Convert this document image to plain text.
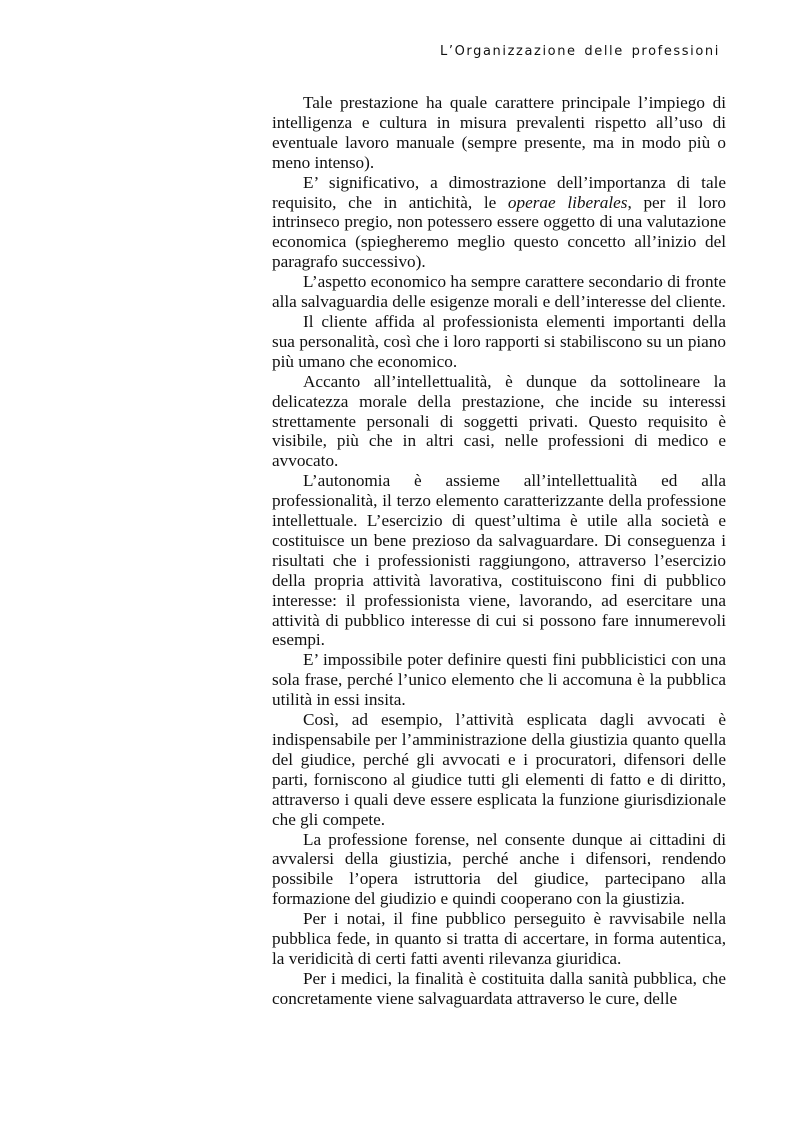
L’Organizzazione delle professioni

Tale prestazione ha quale carattere principale l’impiego di intelligenza e cultura in misura prevalenti rispetto all’uso di eventuale lavoro manuale (sempre presente, ma in modo più o meno intenso).

E’ significativo, a dimostrazione dell’importanza di tale requisito, che in antichità, le operae liberales, per il loro intrinseco pregio, non potessero essere oggetto di una valutazione economica (spiegheremo meglio questo concetto all’inizio del paragrafo successivo).

L’aspetto economico ha sempre carattere secondario di fronte alla salvaguardia delle esigenze morali e dell’interesse del cliente.

Il cliente affida al professionista elementi importanti della sua personalità, così che i loro rapporti si stabiliscono su un piano più umano che economico.

Accanto all’intellettualità, è dunque da sottolineare la delicatezza morale della prestazione, che incide su interessi strettamente personali di soggetti privati. Questo requisito è visibile, più che in altri casi, nelle professioni di medico e avvocato.

L’autonomia è assieme all’intellettualità ed alla professionalità, il terzo elemento caratterizzante della professione intellettuale. L’esercizio di quest’ultima è utile alla società e costituisce un bene prezioso da salvaguardare. Di conseguenza i risultati che i professionisti raggiungono, attraverso l’esercizio della propria attività lavorativa, costituiscono fini di pubblico interesse: il professionista viene, lavorando, ad esercitare una attività di pubblico interesse di cui si possono fare innumerevoli esempi.

E’ impossibile poter definire questi fini pubblicistici con una sola frase, perché l’unico elemento che li accomuna è la pubblica utilità in essi insita.

Così, ad esempio, l’attività esplicata dagli avvocati è indispensabile per l’amministrazione della giustizia quanto quella del giudice, perché gli avvocati e i procuratori, difensori delle parti, forniscono al giudice tutti gli elementi di fatto e di diritto, attraverso i quali deve essere esplicata la funzione giurisdizionale che gli compete.

La professione forense, nel consente dunque ai cittadini di avvalersi della giustizia, perché anche i difensori, rendendo possibile l’opera istruttoria del giudice, partecipano alla formazione del giudizio e quindi cooperano con la giustizia.

Per i notai, il fine pubblico perseguito è ravvisabile nella pubblica fede, in quanto si tratta di accertare, in forma autentica, la veridicità di certi fatti aventi rilevanza giuridica.

Per i medici, la finalità è costituita dalla sanità pubblica, che concretamente viene salvaguardata attraverso le cure, delle
